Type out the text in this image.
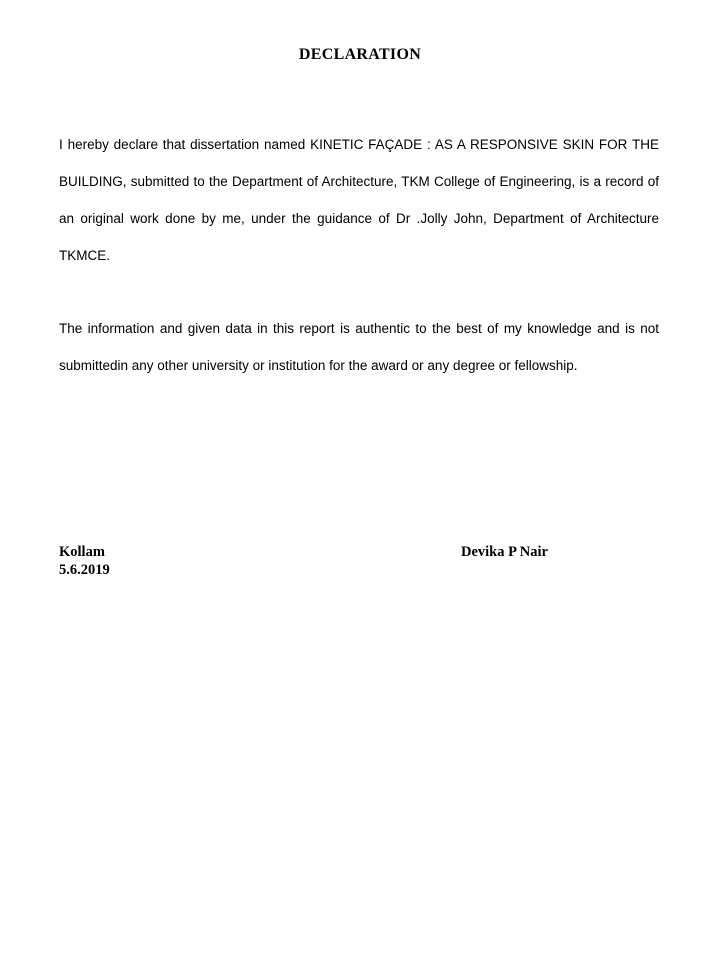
DECLARATION

I hereby declare that dissertation named KINETIC FAÇADE : AS A RESPONSIVE SKIN FOR THE BUILDING, submitted to the Department of Architecture, TKM College of Engineering, is a record of an original work done by me, under the guidance of Dr .Jolly John, Department of Architecture TKMCE.

The information and given data in this report is authentic to the best of my knowledge and is not submittedin any other university or institution for the award or any degree or fellowship.

Kollam
5.6.2019
Devika P Nair
